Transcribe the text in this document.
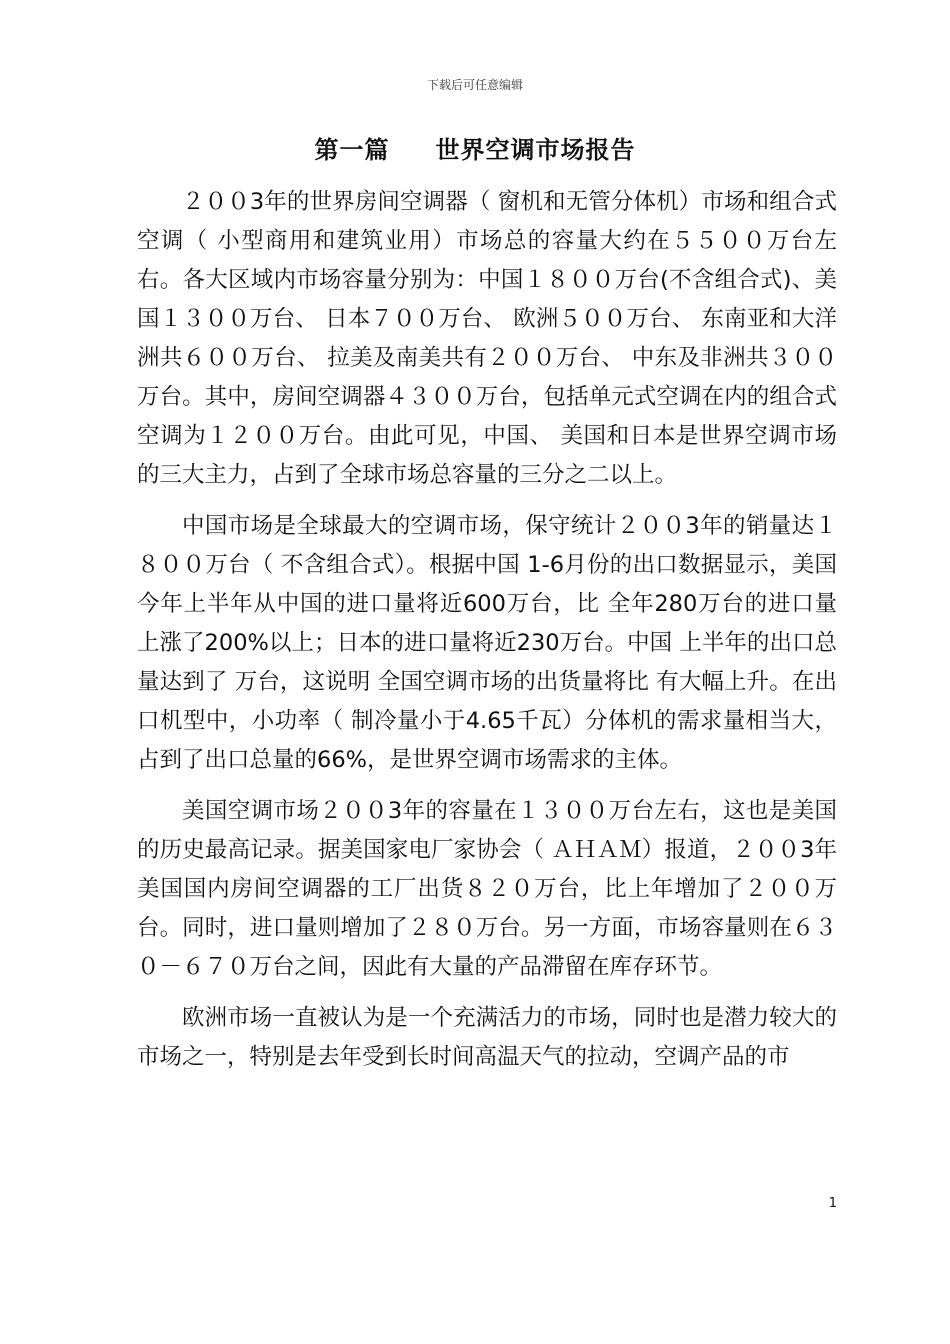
下载后可任意编辑
第一篇 世界空调市场报告

２００3年的世界房间空调器（ 窗机和无管分体机）市场和组合式空调（ 小型商用和建筑业用）市场总的容量大约在５５００万台左右。各大区域内市场容量分别为：中国１８００万台(不含组合式)、美国１３００万台、 日本７００万台、 欧洲５００万台、 东南亚和大洋洲共６００万台、 拉美及南美共有２００万台、 中东及非洲共３００万台。其中，房间空调器４３００万台，包括单元式空调在内的组合式空调为１２００万台。由此可见，中国、 美国和日本是世界空调市场的三大主力，占到了全球市场总容量的三分之二以上。

中国市场是全球最大的空调市场，保守统计２００3年的销量达１８００万台（ 不含组合式）。根据中国 1-6月份的出口数据显示，美国今年上半年从中国的进口量将近600万台，比 全年280万台的进口量上涨了200%以上；日本的进口量将近230万台。中国 上半年的出口总量达到了 万台，这说明 全国空调市场的出货量将比 有大幅上升。在出口机型中，小功率（ 制冷量小于4.65千瓦）分体机的需求量相当大，占到了出口总量的66%，是世界空调市场需求的主体。

美国空调市场２００3年的容量在１３００万台左右，这也是美国的历史最高记录。据美国家电厂家协会（ ＡＨＡＭ）报道，２００3年美国国内房间空调器的工厂出货８２０万台，比上年增加了２００万台。同时，进口量则增加了２８０万台。另一方面，市场容量则在６３０－６７０万台之间，因此有大量的产品滞留在库存环节。

欧洲市场一直被认为是一个充满活力的市场，同时也是潜力较大的市场之一，特别是去年受到长时间高温天气的拉动，空调产品的市

1
